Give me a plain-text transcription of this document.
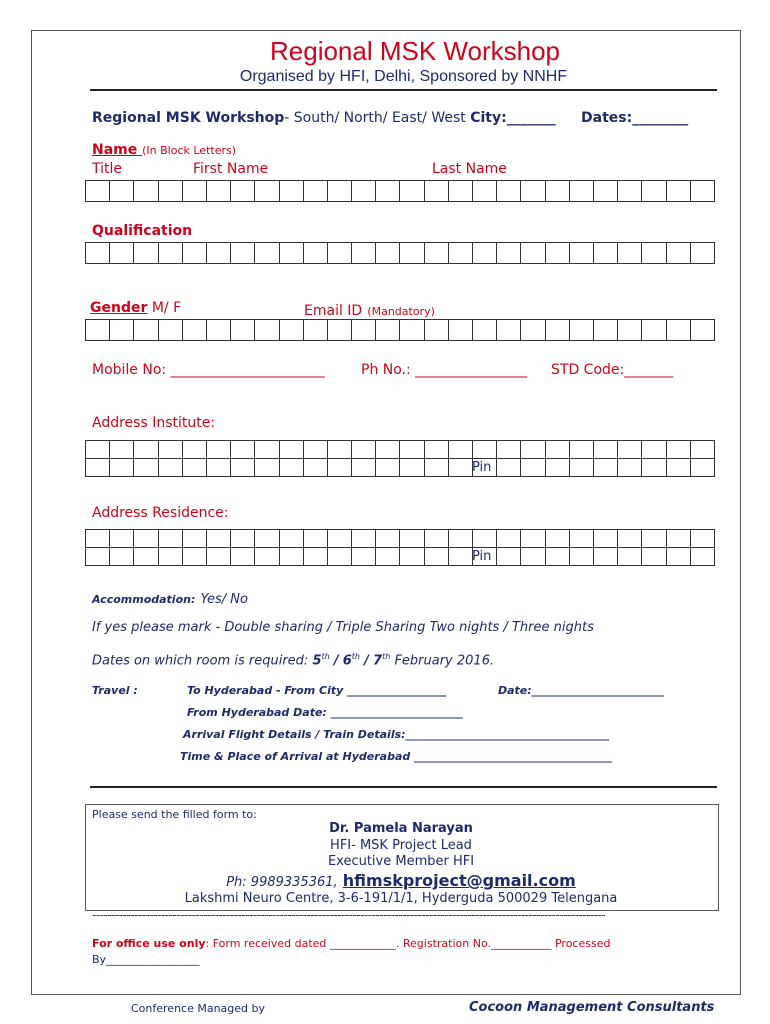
Regional MSK Workshop
Organised by HFI, Delhi, Sponsored by NNHF
Regional MSK Workshop- South/ North/ East/ West City:_______ Dates:________
Name (In Block Letters)
Title	First Name	Last Name

Qualification

Gender M/ F	Email ID (Mandatory)

Mobile No: ______________________	Ph No.: ________________ STD Code:_______
Address Institute:

Pin
Address Residence:

Pin
Accommodation: Yes/ No
If yes please mark - Double sharing / Triple Sharing Two nights / Three nights
Dates on which room is required: 5th / 6th / 7th February 2016.
Travel :	To Hyderabad - From City __________________	Date:________________________
From Hyderabad Date: ________________________
Arrival Flight Details / Train Details:_____________________________________
Time & Place of Arrival at Hyderabad ____________________________________
Please send the filled form to:
Dr. Pamela Narayan
HFI- MSK Project Lead
Executive Member HFI
Ph: 9989335361, hfimskproject@gmail.com
Lakshmi Neuro Centre, 3-6-191/1/1, Hyderguda 500029 Telengana
--------------------------------------------------------------------------------------------------------------------------------------
For office use only: Form received dated ____________. Registration No.___________ Processed
By_________________
Conference Managed by	Cocoon Management Consultants
